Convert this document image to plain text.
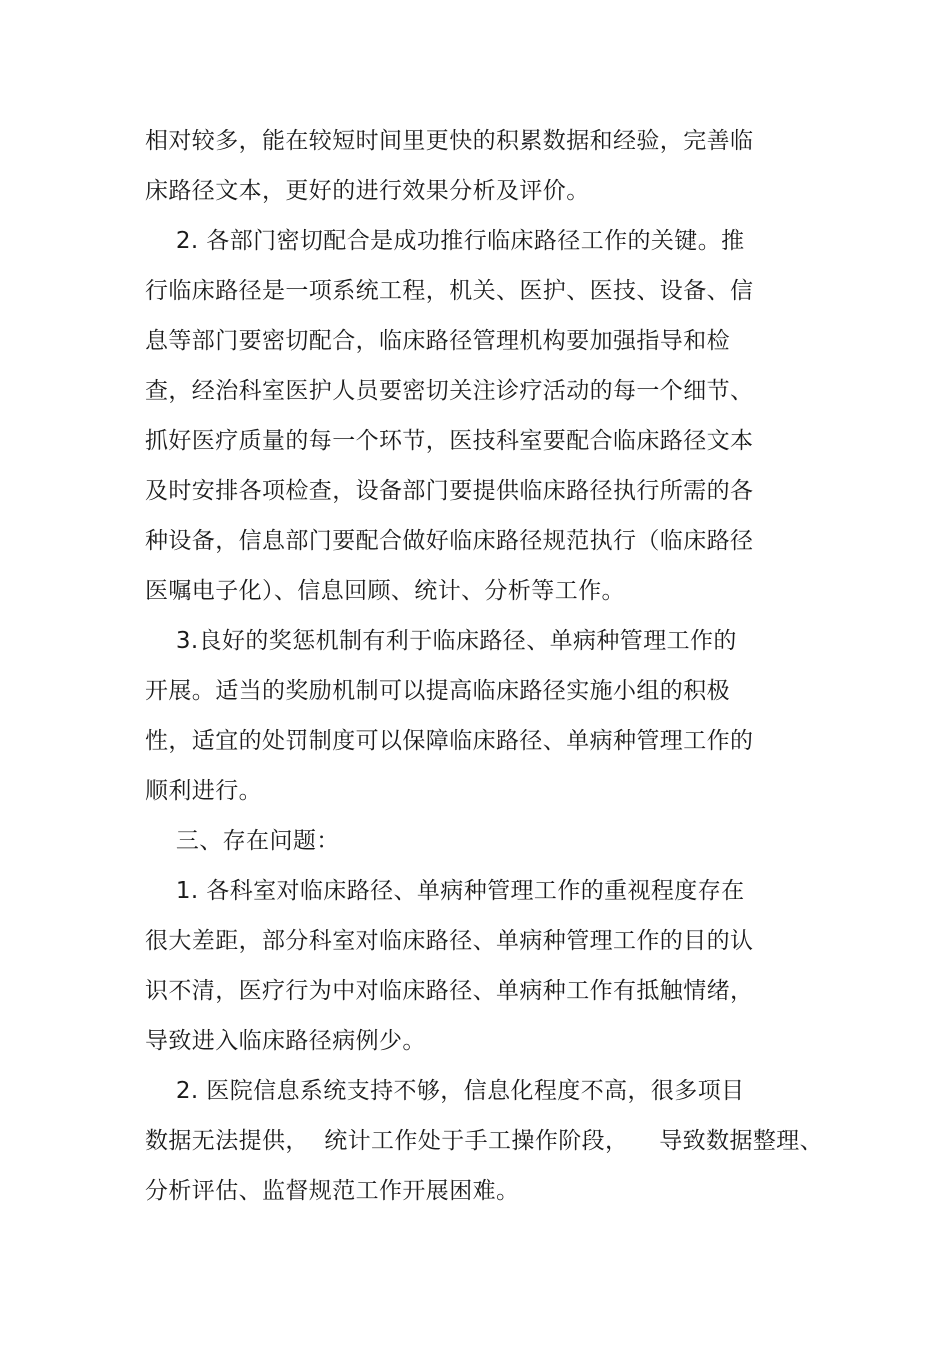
相对较多，能在较短时间里更快的积累数据和经验，完善临
床路径文本，更好的进行效果分析及评价。
2. 各部门密切配合是成功推行临床路径工作的关键。推
行临床路径是一项系统工程，机关、医护、医技、设备、信
息等部门要密切配合，临床路径管理机构要加强指导和检
查，经治科室医护人员要密切关注诊疗活动的每一个细节、
抓好医疗质量的每一个环节，医技科室要配合临床路径文本
及时安排各项检查，设备部门要提供临床路径执行所需的各
种设备，信息部门要配合做好临床路径规范执行（临床路径
医嘱电子化）、信息回顾、统计、分析等工作。
3.良好的奖惩机制有利于临床路径、单病种管理工作的
开展。适当的奖励机制可以提高临床路径实施小组的积极
性，适宜的处罚制度可以保障临床路径、单病种管理工作的
顺利进行。
三、存在问题：
1. 各科室对临床路径、单病种管理工作的重视程度存在
很大差距，部分科室对临床路径、单病种管理工作的目的认
识不清，医疗行为中对临床路径、单病种工作有抵触情绪，
导致进入临床路径病例少。
2. 医院信息系统支持不够，信息化程度不高，很多项目
数据无法提供，  统计工作处于手工操作阶段，    导致数据整理、
分析评估、监督规范工作开展困难。
